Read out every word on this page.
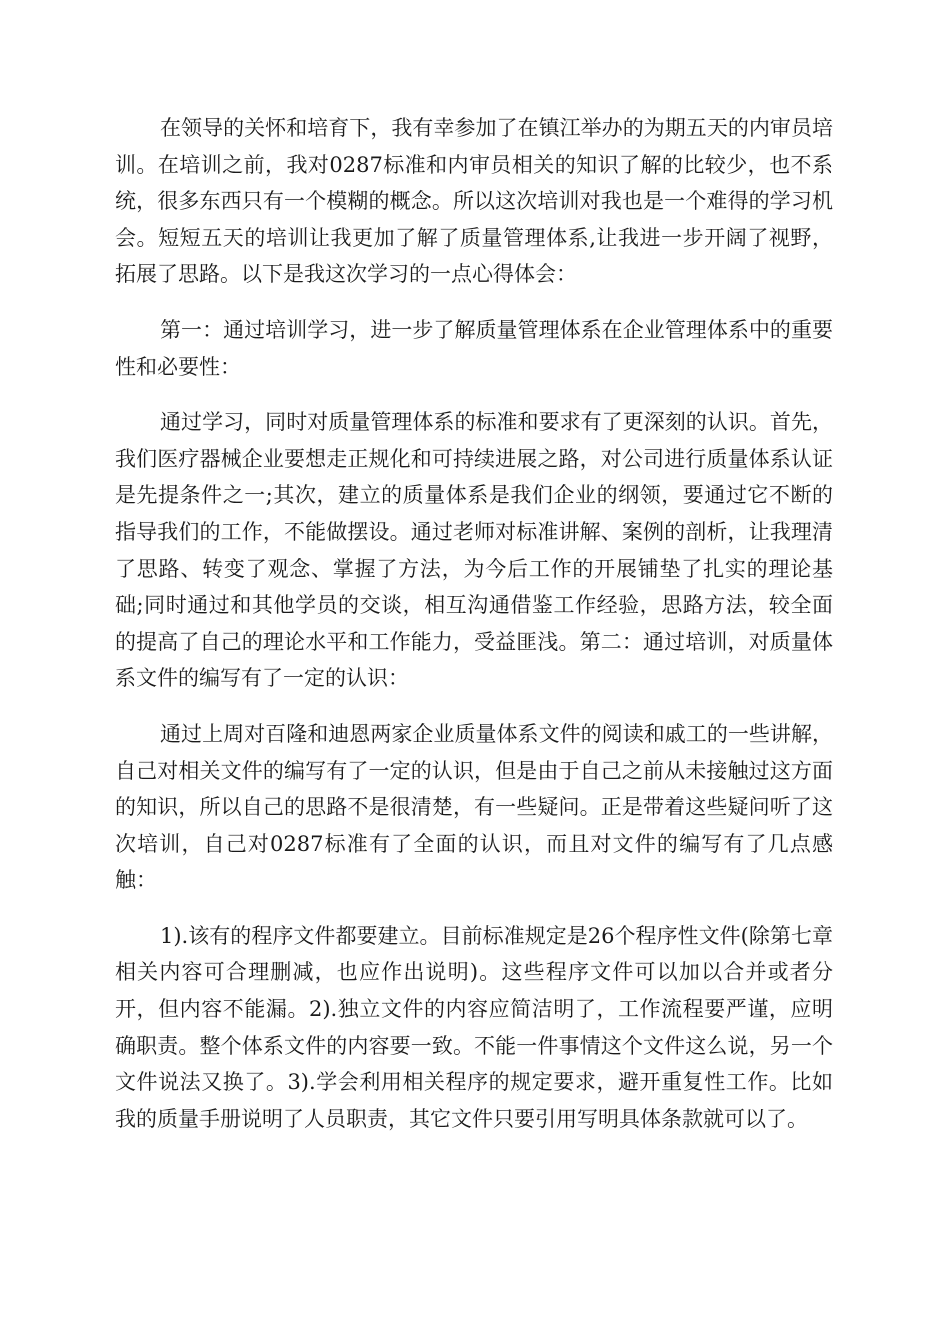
在领导的关怀和培育下，我有幸参加了在镇江举办的为期五天的内审员培训。在培训之前，我对0287标准和内审员相关的知识了解的比较少，也不系统，很多东西只有一个模糊的概念。所以这次培训对我也是一个难得的学习机会。短短五天的培训让我更加了解了质量管理体系,让我进一步开阔了视野，拓展了思路。以下是我这次学习的一点心得体会：

第一：通过培训学习，进一步了解质量管理体系在企业管理体系中的重要性和必要性：

通过学习，同时对质量管理体系的标准和要求有了更深刻的认识。首先，我们医疗器械企业要想走正规化和可持续进展之路，对公司进行质量体系认证是先提条件之一;其次，建立的质量体系是我们企业的纲领，要通过它不断的指导我们的工作，不能做摆设。通过老师对标准讲解、案例的剖析，让我理清了思路、转变了观念、掌握了方法，为今后工作的开展铺垫了扎实的理论基础;同时通过和其他学员的交谈，相互沟通借鉴工作经验，思路方法，较全面的提高了自己的理论水平和工作能力，受益匪浅。第二：通过培训，对质量体系文件的编写有了一定的认识：

通过上周对百隆和迪恩两家企业质量体系文件的阅读和戚工的一些讲解，自己对相关文件的编写有了一定的认识，但是由于自己之前从未接触过这方面的知识，所以自己的思路不是很清楚，有一些疑问。正是带着这些疑问听了这次培训，自己对0287标准有了全面的认识，而且对文件的编写有了几点感触：

1).该有的程序文件都要建立。目前标准规定是26个程序性文件(除第七章相关内容可合理删减，也应作出说明)。这些程序文件可以加以合并或者分开，但内容不能漏。2).独立文件的内容应简洁明了，工作流程要严谨，应明确职责。整个体系文件的内容要一致。不能一件事情这个文件这么说，另一个文件说法又换了。3).学会利用相关程序的规定要求，避开重复性工作。比如我的质量手册说明了人员职责，其它文件只要引用写明具体条款就可以了。
